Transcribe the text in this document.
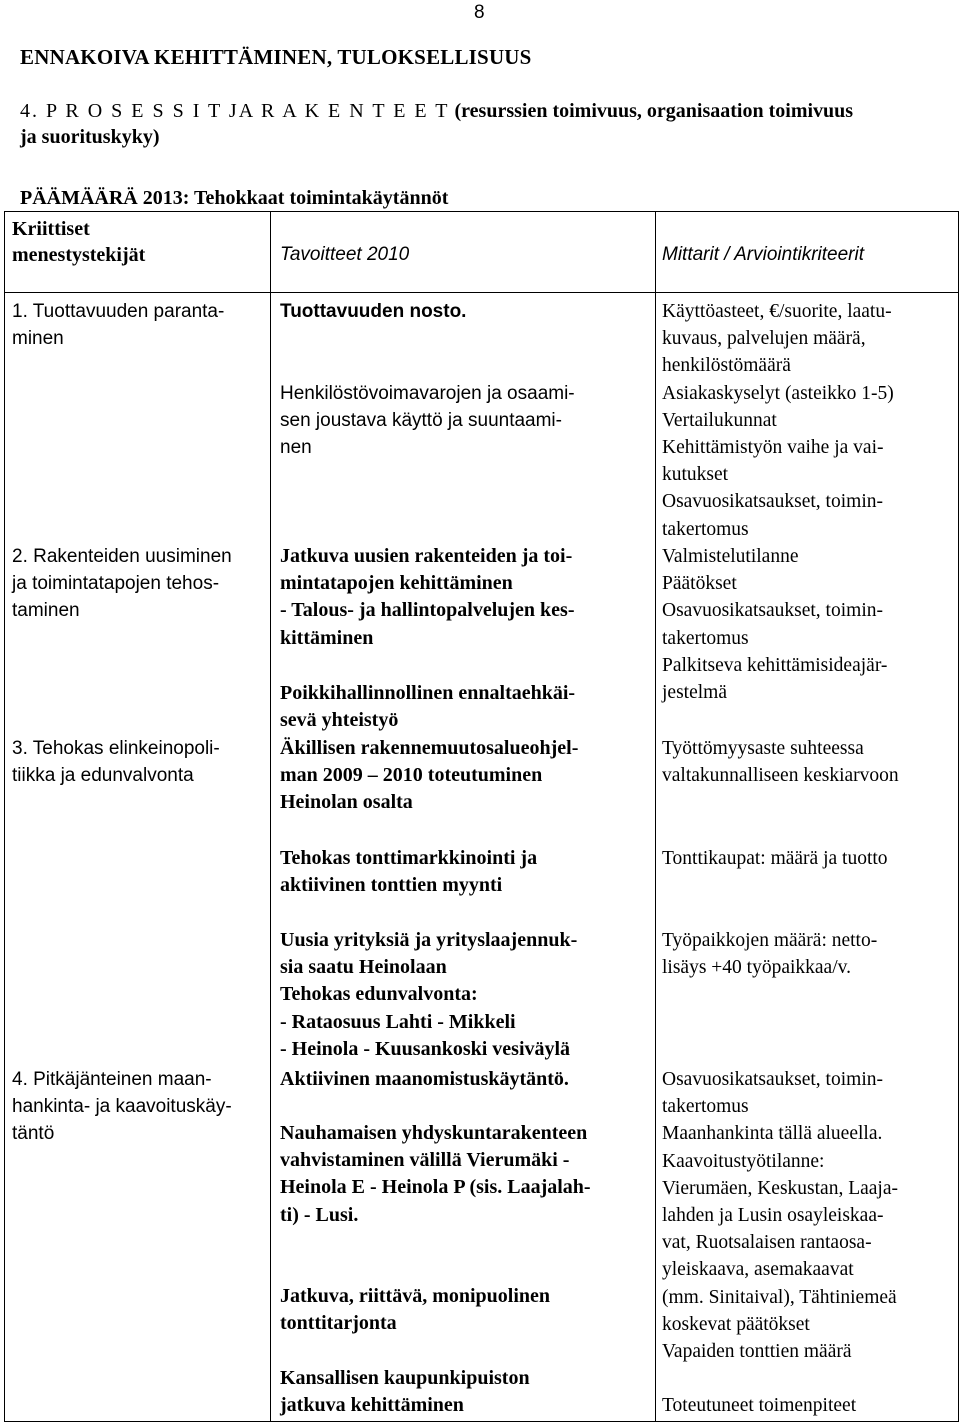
8
ENNAKOIVA KEHITTÄMINEN, TULOKSELLISUUS
4. P R O S E S S I T JA R A K E N T E E T (resurssien toimivuus, organisaation toimivuus
ja suorituskyky)
PÄÄMÄÄRÄ 2013: Tehokkaat toimintakäytännöt
Kriittiset
menestystekijät	Tavoitteet 2010	Mittarit / Arviointikriteerit
1. Tuottavuuden paranta-
minen
2. Rakenteiden uusiminen
ja toimintatapojen tehos-
taminen
3. Tehokas elinkeinopoli-
tiikka ja edunvalvonta
4. Pitkäjänteinen maan-
hankinta- ja kaavoituskäy-
täntö
Tuottavuuden nosto.
Henkilöstövoimavarojen ja osaami-
sen joustava käyttö ja suuntaami-
nen
Jatkuva uusien rakenteiden ja toi-
mintatapojen kehittäminen
- Talous- ja hallintopalvelujen kes-
kittäminen
Poikkihallinnollinen ennaltaehkäi-
sevä yhteistyö
Äkillisen rakennemuutosalueohjel-
man 2009 – 2010 toteutuminen
Heinolan osalta
Tehokas tonttimarkkinointi ja
aktiivinen tonttien myynti
Uusia yrityksiä ja yrityslaajennuk-
sia saatu Heinolaan
Tehokas edunvalvonta:
- Rataosuus Lahti - Mikkeli
- Heinola - Kuusankoski vesiväylä
Aktiivinen maanomistuskäytäntö.
Nauhamaisen yhdyskuntarakenteen
vahvistaminen välillä Vierumäki -
Heinola E - Heinola P (sis. Laajalah-
ti) - Lusi.
Jatkuva, riittävä, monipuolinen
tonttitarjonta
Kansallisen kaupunkipuiston
jatkuva kehittäminen
Käyttöasteet, €/suorite, laatu-
kuvaus, palvelujen määrä,
henkilöstömäärä
Asiakaskyselyt (asteikko 1-5)
Vertailukunnat
Kehittämistyön vaihe ja vai-
kutukset
Osavuosikatsaukset, toimin-
takertomus
Valmistelutilanne
Päätökset
Osavuosikatsaukset, toimin-
takertomus
Palkitseva kehittämisideajär-
jestelmä
Työttömyysaste suhteessa
valtakunnalliseen keskiarvoon
Tonttikaupat: määrä ja tuotto
Työpaikkojen määrä: netto-
lisäys +40 työpaikkaa/v.
Osavuosikatsaukset, toimin-
takertomus
Maanhankinta tällä alueella.
Kaavoitustyötilanne:
Vierumäen, Keskustan, Laaja-
lahden ja Lusin osayleiskaa-
vat, Ruotsalaisen rantaosa-
yleiskaava, asemakaavat
(mm. Sinitaival), Tähtiniemeä
koskevat päätökset
Vapaiden tonttien määrä
Toteutuneet toimenpiteet
